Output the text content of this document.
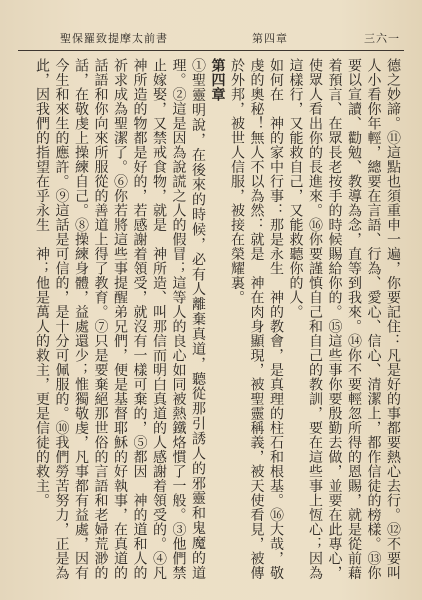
聖保羅致提摩太前書	第四章	三六一

德之妙諦。⑪這點也須重申一遍，你要記住：凡是好的事都要熱心去行。⑫不要叫人小看你年輕，總要在言語、行為、愛心、信心、清潔上，都作信徒的榜樣。⑬你要以宣讀、勸勉、教導為念，直等到我來。⑭你不要輕忽所得的恩賜，就是從前藉着預言、在眾長老按手的時候賜給你的。⑮這些事你要殷勤去做，並要在此專心，使眾人看出你的長進來。⑯你要謹慎自己和自己的教訓，要在這些事上恆心；因為這樣行，又能救自己，又能救聽你的人。

如何在　神的家中行事：那是永生　神的教會，是真理的柱石和根基。⑯大哉，敬虔的奧秘！無人不以為然：就是　神在肉身顯現，被聖靈稱義，被天使看見，被傳於外邦，被世人信服，被接在榮耀裏。

第四章

①聖靈明說，在後來的時候，必有人離棄真道，聽從那引誘人的邪靈和鬼魔的道理。②這是因為說謊之人的假冒；這等人的良心如同被熱鐵烙慣了一般。③他們禁止嫁娶，又禁戒食物，就是　神所造、叫那信而明白真道的人感謝着領受的。④凡　神所造的物都是好的，若感謝着領受，就沒有一樣可棄的，⑤都因　神的道和人的祈求成為聖潔了。⑥你若將這些事提醒弟兄們，便是基督耶穌的好執事，在真道的話語和你向來所服從的善道上得了教育。⑦只是要棄絕那世俗的言語和老婦荒渺的話，在敬虔上操練自己。⑧操練身體，益處還少；惟獨敬虔，凡事都有益處，因有今生和來生的應許。⑨這話是可信的，是十分可佩服的。⑩我們勞苦努力，正是為此，因我們的指望在乎永生　神；他是萬人的救主，更是信徒的救主。
